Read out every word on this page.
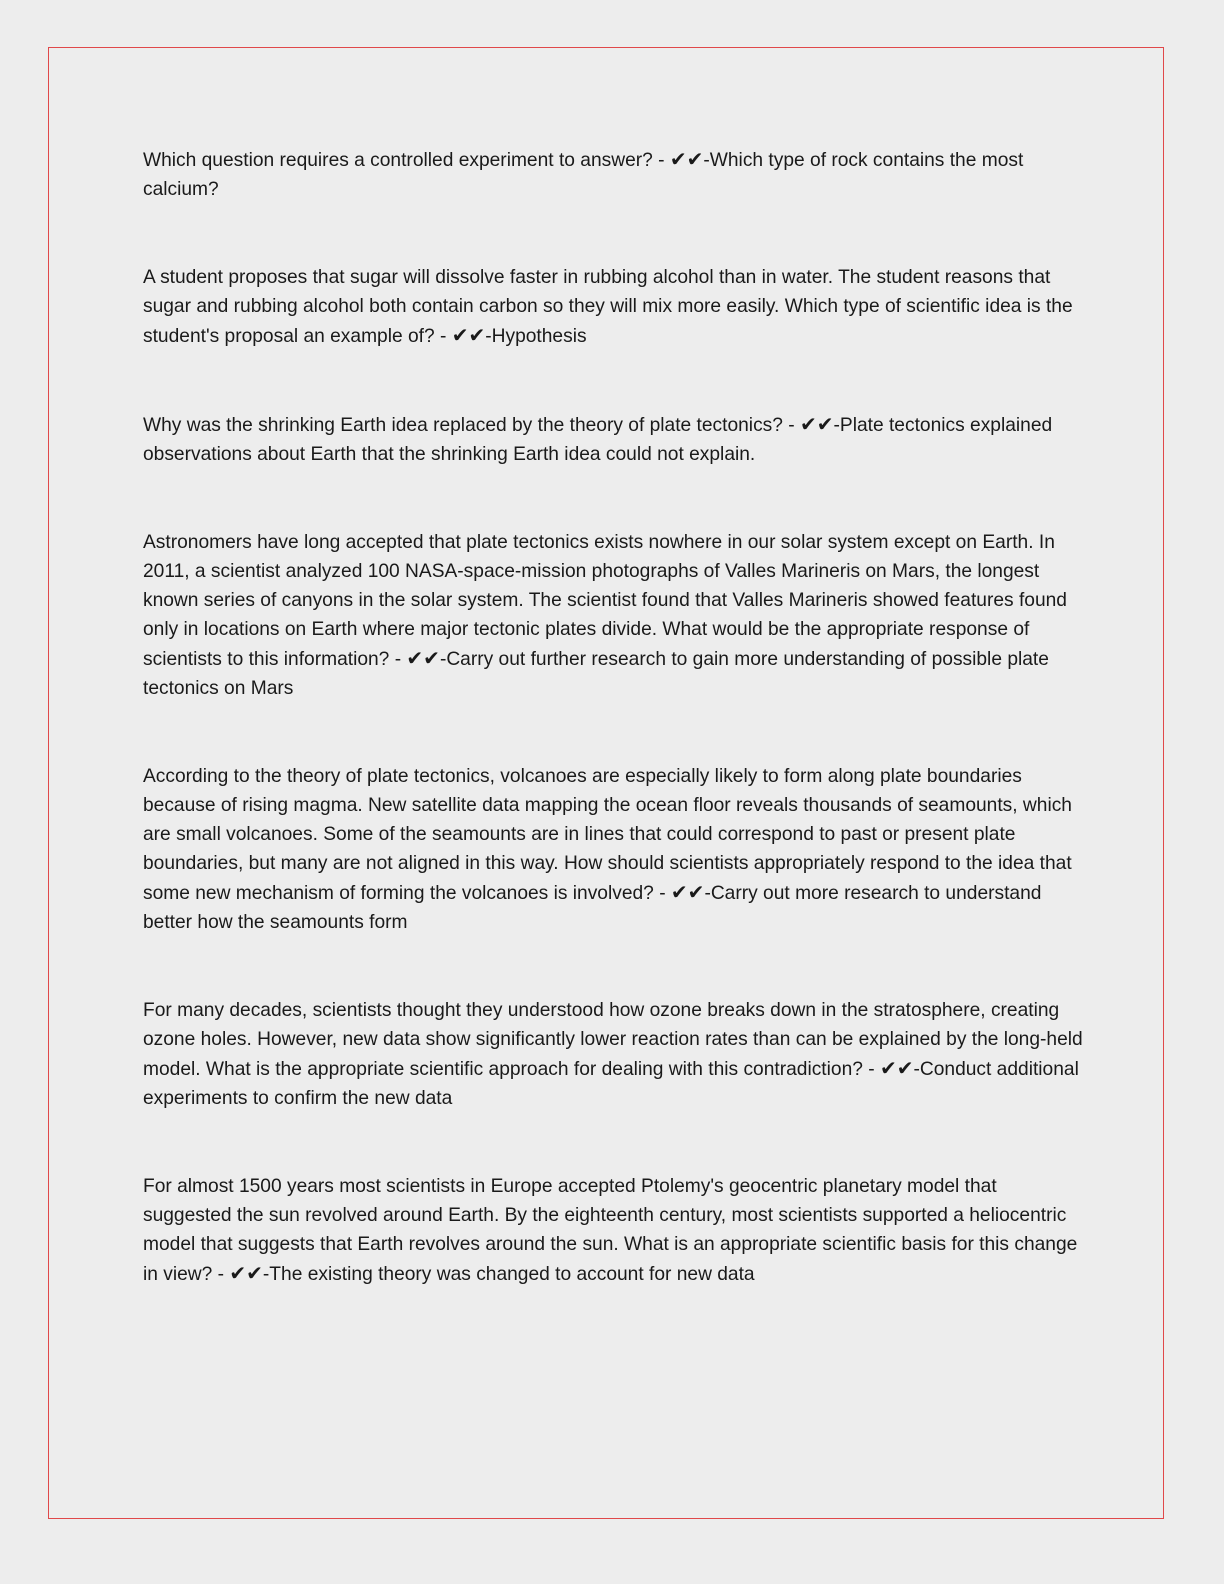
Which question requires a controlled experiment to answer? - ✔✔-Which type of rock contains the most calcium?

A student proposes that sugar will dissolve faster in rubbing alcohol than in water. The student reasons that sugar and rubbing alcohol both contain carbon so they will mix more easily. Which type of scientific idea is the student's proposal an example of? - ✔✔-Hypothesis

Why was the shrinking Earth idea replaced by the theory of plate tectonics? - ✔✔-Plate tectonics explained observations about Earth that the shrinking Earth idea could not explain.

Astronomers have long accepted that plate tectonics exists nowhere in our solar system except on Earth. In 2011, a scientist analyzed 100 NASA-space-mission photographs of Valles Marineris on Mars, the longest known series of canyons in the solar system. The scientist found that Valles Marineris showed features found only in locations on Earth where major tectonic plates divide. What would be the appropriate response of scientists to this information? - ✔✔-Carry out further research to gain more understanding of possible plate tectonics on Mars

According to the theory of plate tectonics, volcanoes are especially likely to form along plate boundaries because of rising magma. New satellite data mapping the ocean floor reveals thousands of seamounts, which are small volcanoes. Some of the seamounts are in lines that could correspond to past or present plate boundaries, but many are not aligned in this way. How should scientists appropriately respond to the idea that some new mechanism of forming the volcanoes is involved? - ✔✔-Carry out more research to understand better how the seamounts form

For many decades, scientists thought they understood how ozone breaks down in the stratosphere, creating ozone holes. However, new data show significantly lower reaction rates than can be explained by the long-held model. What is the appropriate scientific approach for dealing with this contradiction? - ✔✔-Conduct additional experiments to confirm the new data

For almost 1500 years most scientists in Europe accepted Ptolemy's geocentric planetary model that suggested the sun revolved around Earth. By the eighteenth century, most scientists supported a heliocentric model that suggests that Earth revolves around the sun. What is an appropriate scientific basis for this change in view? - ✔✔-The existing theory was changed to account for new data
